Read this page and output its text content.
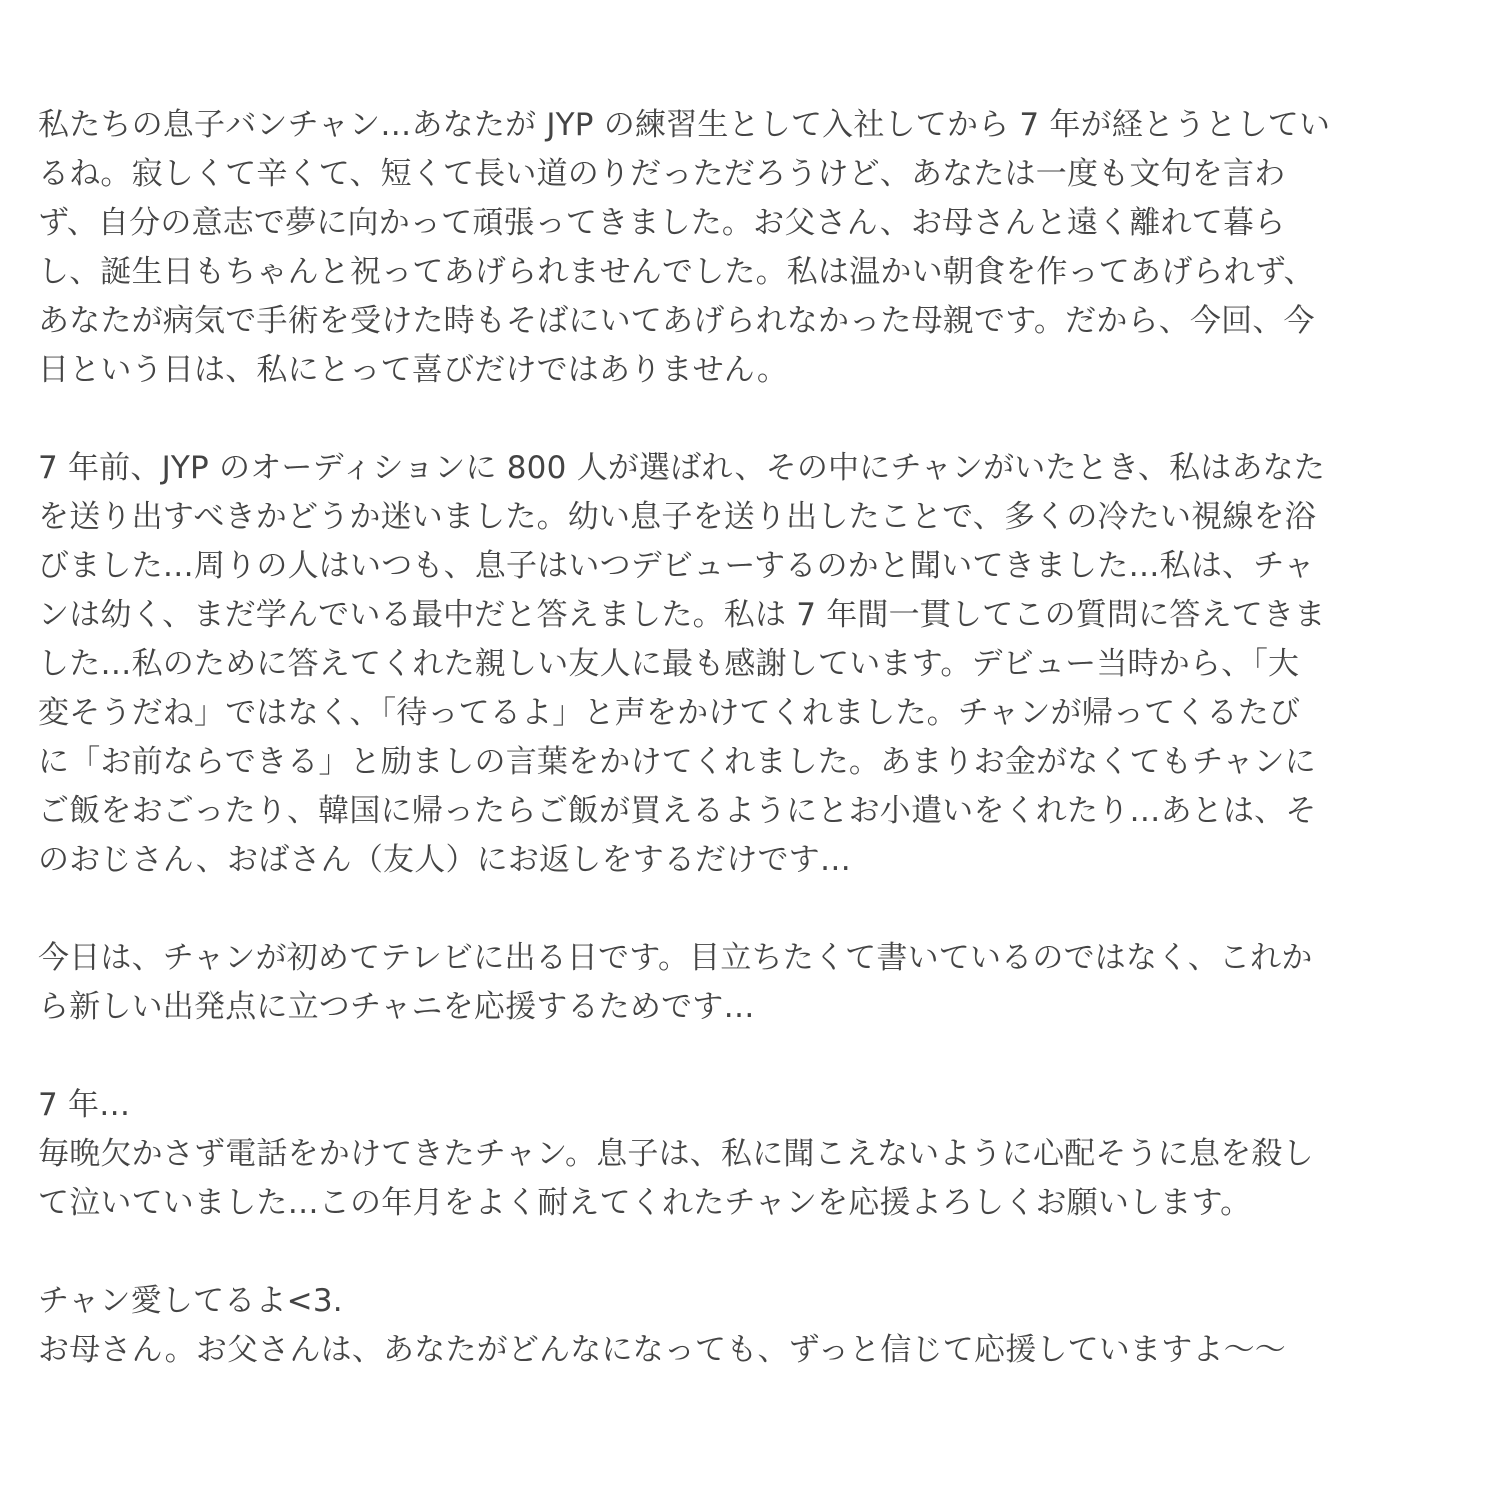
私たちの息子バンチャン…あなたが JYP の練習生として入社してから 7 年が経とうとしてい
るね。寂しくて辛くて、短くて長い道のりだっただろうけど、あなたは一度も文句を言わ
ず、自分の意志で夢に向かって頑張ってきました。お父さん、お母さんと遠く離れて暮ら
し、誕生日もちゃんと祝ってあげられませんでした。私は温かい朝食を作ってあげられず、
あなたが病気で手術を受けた時もそばにいてあげられなかった母親です。だから、今回、今
日という日は、私にとって喜びだけではありません。

7 年前、JYP のオーディションに 800 人が選ばれ、その中にチャンがいたとき、私はあなた
を送り出すべきかどうか迷いました。幼い息子を送り出したことで、多くの冷たい視線を浴
びました…周りの人はいつも、息子はいつデビューするのかと聞いてきました…私は、チャ
ンは幼く、まだ学んでいる最中だと答えました。私は 7 年間一貫してこの質問に答えてきま
した…私のために答えてくれた親しい友人に最も感謝しています。デビュー当時から、「大
変そうだね」ではなく、「待ってるよ」と声をかけてくれました。チャンが帰ってくるたび
に「お前ならできる」と励ましの言葉をかけてくれました。あまりお金がなくてもチャンに
ご飯をおごったり、韓国に帰ったらご飯が買えるようにとお小遣いをくれたり…あとは、そ
のおじさん、おばさん（友人）にお返しをするだけです…

今日は、チャンが初めてテレビに出る日です。目立ちたくて書いているのではなく、これか
ら新しい出発点に立つチャニを応援するためです…

7 年…
毎晩欠かさず電話をかけてきたチャン。息子は、私に聞こえないように心配そうに息を殺し
て泣いていました…この年月をよく耐えてくれたチャンを応援よろしくお願いします。

チャン愛してるよ<3.
お母さん。お父さんは、あなたがどんなになっても、ずっと信じて応援していますよ〜〜
